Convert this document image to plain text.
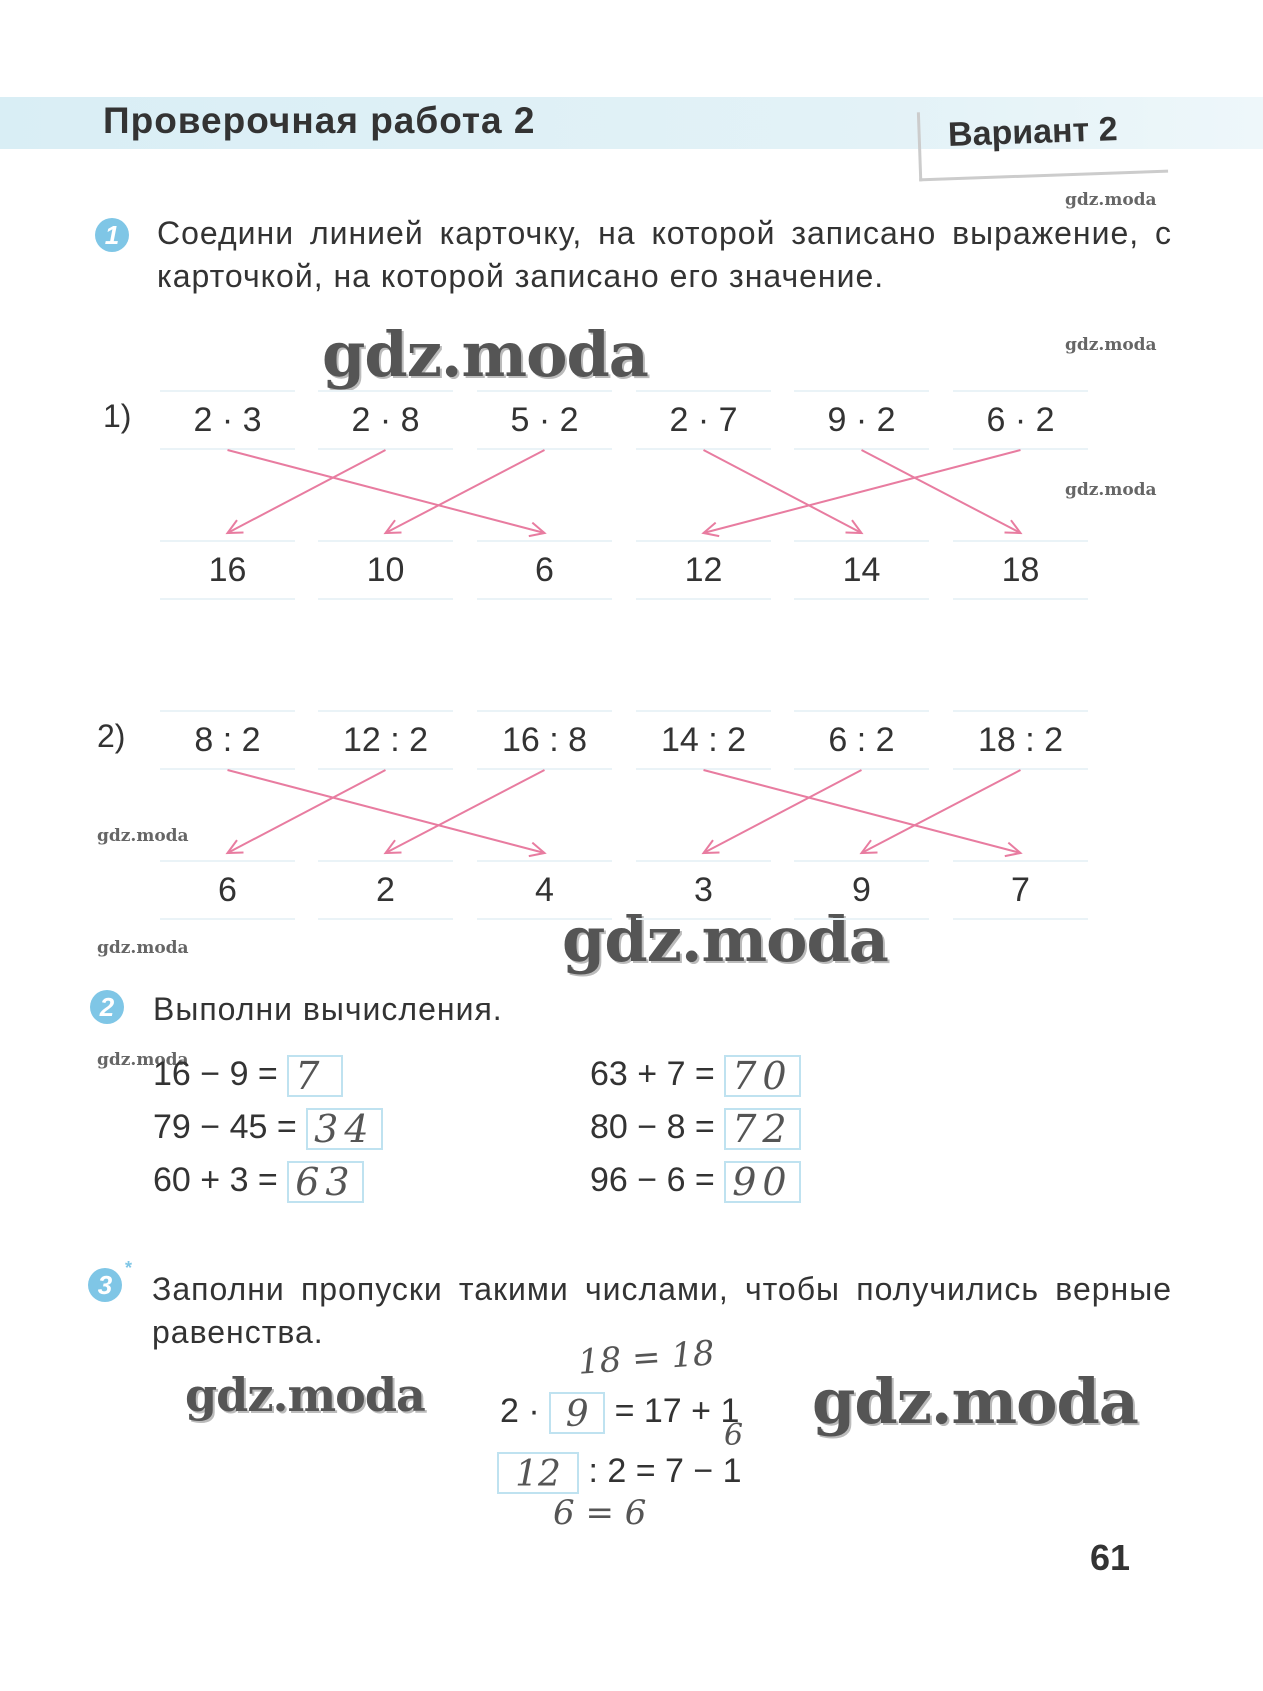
Проверочная работа 2	Вариант 2
gdz.moda
gdz.moda
gdz.moda
gdz.moda
gdz.moda
gdz.moda
gdz.moda
gdz.moda
gdz.moda	gdz.moda
1	Соедини линией карточку, на которой записано выражение, с карточкой, на которой записано его значение.
1)	2 · 3	2 · 8	5 · 2	2 · 7	9 · 2	6 · 2
16	10	6	12	14	18
2)	8 : 2	12 : 2	16 : 8	14 : 2	6 : 2	18 : 2
6	2	4	3	9	7
2	Выполни вычисления.
16 − 9 = 7
79 − 45 = 34
60 + 3 = 63
63 + 7 = 70
80 − 8 = 72
96 − 6 = 90
3
*
Заполни пропуски такими числами, чтобы получились верные равенства.
18 = 18
2 · 9 = 17 + 1
6
12 : 2 = 7 − 1
6 = 6
61
